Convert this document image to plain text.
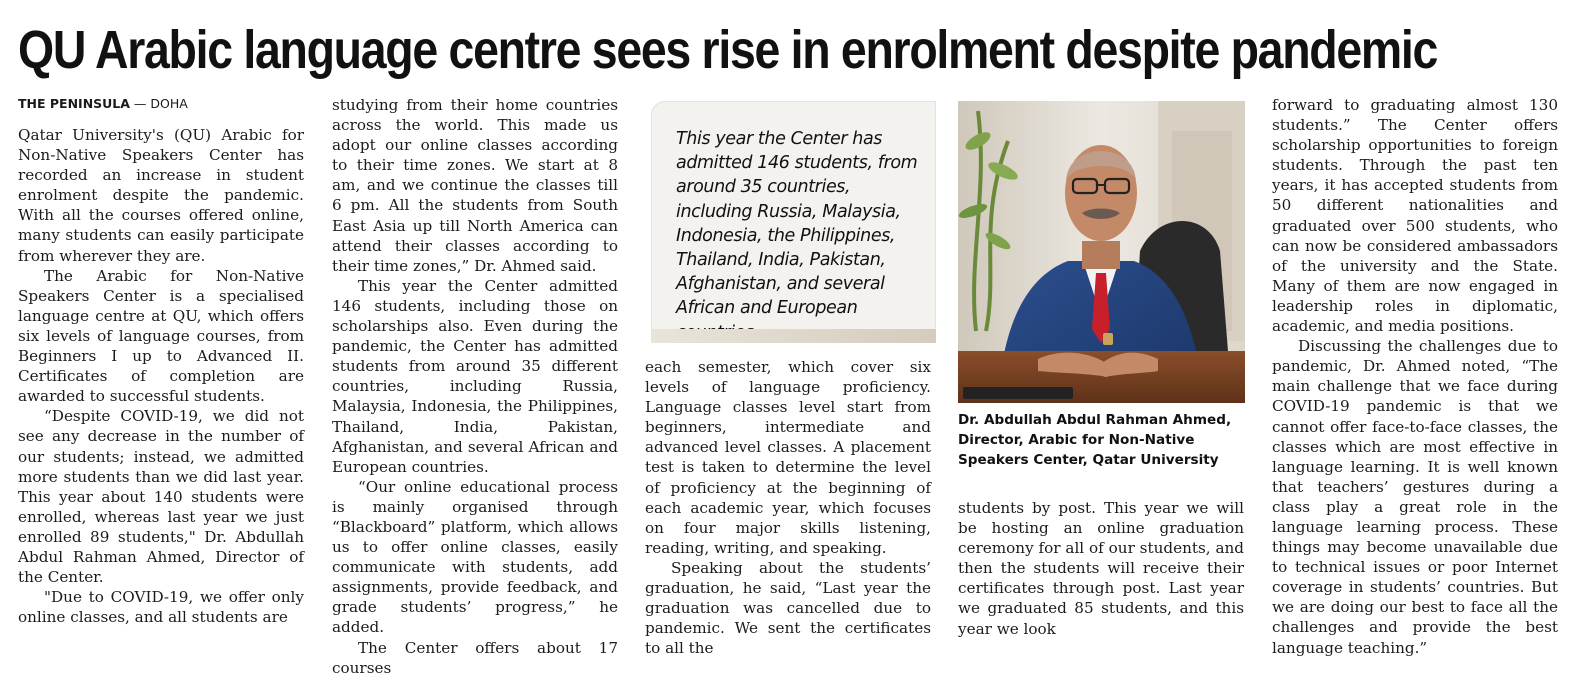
QU Arabic language centre sees rise in enrolment despite pandemic
THE PENINSULA — DOHA

Qatar University's (QU) Arabic for Non-Native Speakers Center has recorded an increase in student enrolment despite the pandemic. With all the courses offered online, many students can easily participate from wherever they are.

The Arabic for Non-Native Speakers Center is a specialised language centre at QU, which offers six levels of language courses, from Beginners I up to Advanced II. Certificates of completion are awarded to successful students.

“Despite COVID-19, we did not see any decrease in the number of our students; instead, we admitted more students than we did last year. This year about 140 students were enrolled, whereas last year we just enrolled 89 students," Dr. Abdullah Abdul Rahman Ahmed, Director of the Center.

"Due to COVID-19, we offer only online classes, and all students are

studying from their home countries across the world. This made us adopt our online classes according to their time zones. We start at 8 am, and we continue the classes till 6 pm. All the students from South East Asia up till North America can attend their classes according to their time zones,” Dr. Ahmed said.

This year the Center admitted 146 students, including those on scholarships also. Even during the pandemic, the Center has admitted students from around 35 different countries, including Russia, Malaysia, Indonesia, the Philippines, Thailand, India, Pakistan, Afghanistan, and several African and European countries.

“Our online educational process is mainly organised through “Blackboard” platform, which allows us to offer online classes, easily communicate with students, add assignments, provide feedback, and grade students’ progress,” he added.

The Center offers about 17 courses

This year the Center has admitted 146 students, from around 35 countries, including Russia, Malaysia, Indonesia, the Philippines, Thailand, India, Pakistan, Afghanistan, and several African and European

each semester, which cover six levels of language proficiency. Language classes level start from beginners, intermediate and advanced level classes. A placement test is taken to determine the level of proficiency at the beginning of each academic year, which focuses on four major skills listening, reading, writing, and speaking.

Speaking about the students’ graduation, he said, “Last year the graduation was cancelled due to pandemic. We sent the certificates to all the

Dr. Abdullah Abdul Rahman Ahmed, Director, Arabic for Non-Native Speakers Center, Qatar University

students by post. This year we will be hosting an online graduation ceremony for all of our students, and then the students will receive their certificates through post. Last year we graduated 85 students, and this year we look

forward to graduating almost 130 students.” The Center offers scholarship opportunities to foreign students. Through the past ten years, it has accepted students from 50 different nationalities and graduated over 500 students, who can now be considered ambassadors of the university and the State. Many of them are now engaged in leadership roles in diplomatic, academic, and media positions.

Discussing the challenges due to pandemic, Dr. Ahmed noted, “The main challenge that we face during COVID-19 pandemic is that we cannot offer face-to-face classes, the classes which are most effective in language learning. It is well known that teachers’ gestures during a class play a great role in the language learning process. These things may become unavailable due to technical issues or poor Internet coverage in students’ countries. But we are doing our best to face all the challenges and provide the best language teaching.”
